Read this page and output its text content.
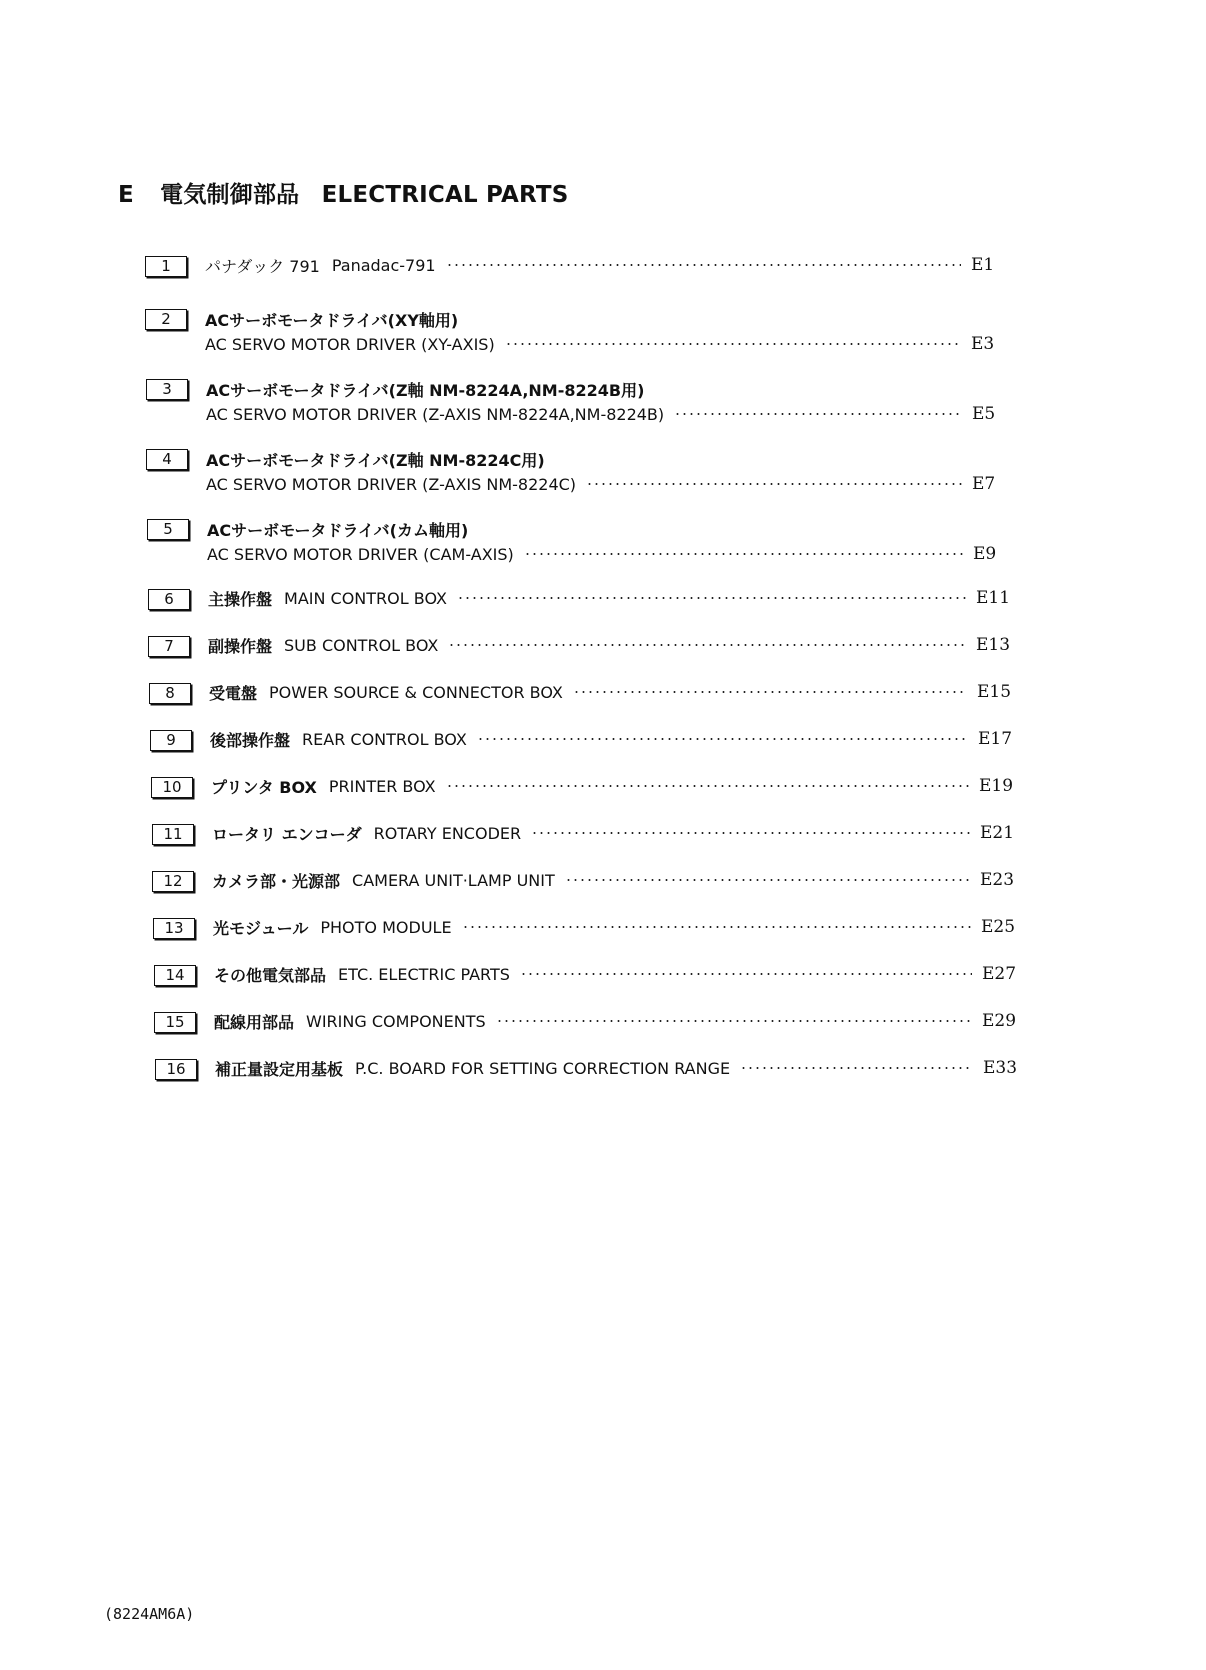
E 電気制御部品 ELECTRICAL PARTS
1	パナダック 791 Panadac-791	E1
2	ACサーボモータドライバ(XY軸用)
AC SERVO MOTOR DRIVER (XY-AXIS)	E3
3	ACサーボモータドライバ(Z軸 NM-8224A,NM-8224B用)
AC SERVO MOTOR DRIVER (Z-AXIS NM-8224A,NM-8224B)	E5
4	ACサーボモータドライバ(Z軸 NM-8224C用)
AC SERVO MOTOR DRIVER (Z-AXIS NM-8224C)	E7
5	ACサーボモータドライバ(カム軸用)
AC SERVO MOTOR DRIVER (CAM-AXIS)	E9
6	主操作盤 MAIN CONTROL BOX	E11
7	副操作盤 SUB CONTROL BOX	E13
8	受電盤 POWER SOURCE & CONNECTOR BOX	E15
9	後部操作盤 REAR CONTROL BOX	E17
10	プリンタ BOX PRINTER BOX	E19
11	ロータリ エンコーダ ROTARY ENCODER	E21
12	カメラ部・光源部 CAMERA UNIT·LAMP UNIT	E23
13	光モジュール PHOTO MODULE	E25
14	その他電気部品 ETC. ELECTRIC PARTS	E27
15	配線用部品 WIRING COMPONENTS	E29
16	補正量設定用基板 P.C. BOARD FOR SETTING CORRECTION RANGE	E33
(8224AM6A)
